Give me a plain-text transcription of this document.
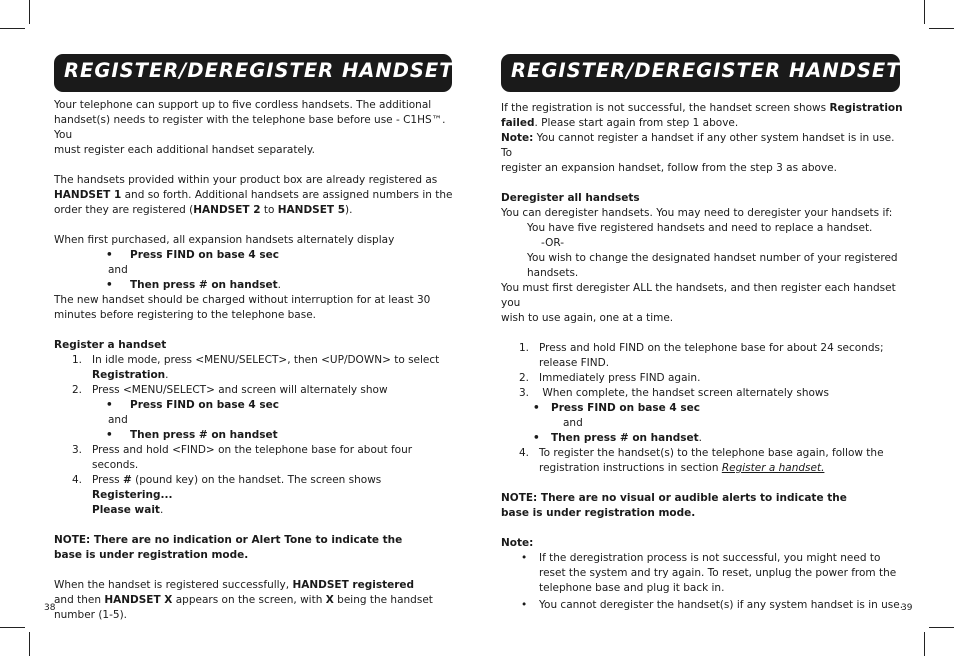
REGISTER/DEREGISTER HANDSETS

Your telephone can support up to five cordless handsets. The additional
handset(s) needs to register with the telephone base before use - C1HS™. You
must register each additional handset separately.

The handsets provided within your product box are already registered as
HANDSET 1 and so forth. Additional handsets are assigned numbers in the
order they are registered (HANDSET 2 to HANDSET 5).

When first purchased, all expansion handsets alternately display

• Press FIND on base 4 sec

and

• Then press # on handset.

The new handset should be charged without interruption for at least 30
minutes before registering to the telephone base.

Register a handset

1. In idle mode, press <MENU/SELECT>, then <UP/DOWN> to select
Registration.

2. Press <MENU/SELECT> and screen will alternately show

• Press FIND on base 4 sec

and

• Then press # on handset

3. Press and hold <FIND> on the telephone base for about four seconds.

4. Press # (pound key) on the handset. The screen shows Registering...
Please wait.

NOTE: There are no indication or Alert Tone to indicate the
base is under registration mode.

When the handset is registered successfully, HANDSET registered
and then HANDSET X appears on the screen, with X being the handset
number (1-5).

38
REGISTER/DEREGISTER HANDSETS

If the registration is not successful, the handset screen shows Registration
failed. Please start again from step 1 above.
Note: You cannot register a handset if any other system handset is in use. To
register an expansion handset, follow from the step 3 as above.

Deregister all handsets

You can deregister handsets. You may need to deregister your handsets if:

You have five registered handsets and need to replace a handset.

-OR-

You wish to change the designated handset number of your registered
handsets.

You must first deregister ALL the handsets, and then register each handset you
wish to use again, one at a time.

1. Press and hold FIND on the telephone base for about 24 seconds;
release FIND.

2. Immediately press FIND again.

3. When complete, the handset screen alternately shows

• Press FIND on base 4 sec

and

• Then press # on handset.

4. To register the handset(s) to the telephone base again, follow the
registration instructions in section Register a handset.

NOTE: There are no visual or audible alerts to indicate the
base is under registration mode.

Note:

• If the deregistration process is not successful, you might need to
reset the system and try again. To reset, unplug the power from the
telephone base and plug it back in.

• You cannot deregister the handset(s) if any system handset is in use.

39
